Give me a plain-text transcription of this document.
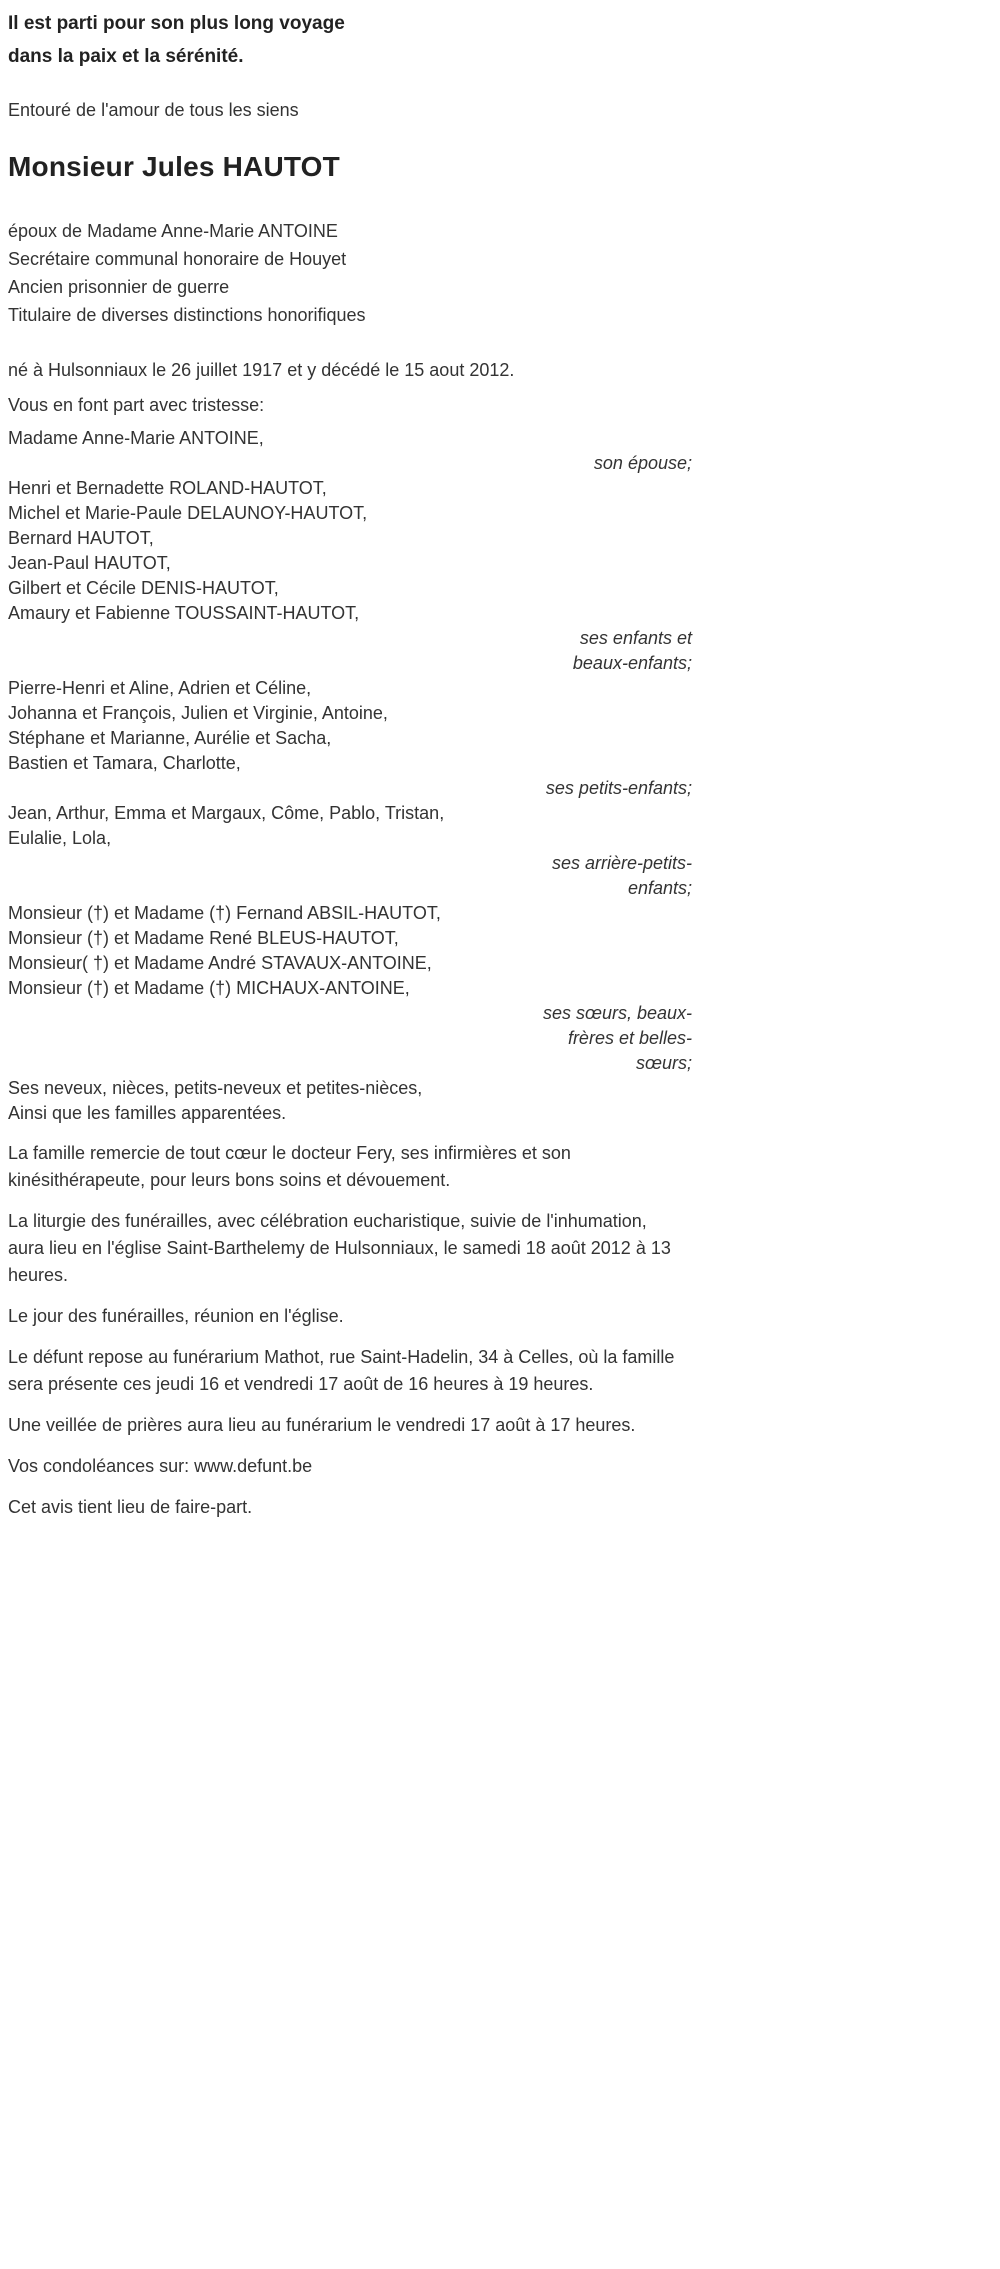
Il est parti pour son plus long voyage
dans la paix et la sérénité.

Entouré de l'amour de tous les siens

Monsieur Jules HAUTOT
époux de Madame Anne-Marie ANTOINE
Secrétaire communal honoraire de Houyet
Ancien prisonnier de guerre
Titulaire de diverses distinctions honorifiques

né à Hulsonniaux le 26 juillet 1917 et y décédé le 15 aout 2012.

Vous en font part avec tristesse:

Madame Anne-Marie ANTOINE,
son épouse;
Henri et Bernadette ROLAND-HAUTOT,
Michel et Marie-Paule DELAUNOY-HAUTOT,
Bernard HAUTOT,
Jean-Paul HAUTOT,
Gilbert et Cécile DENIS-HAUTOT,
Amaury et Fabienne TOUSSAINT-HAUTOT,
ses enfants et beaux-enfants;
Pierre-Henri et Aline, Adrien et Céline,
Johanna et François, Julien et Virginie, Antoine,
Stéphane et Marianne, Aurélie et Sacha,
Bastien et Tamara, Charlotte,
ses petits-enfants;
Jean, Arthur, Emma et Margaux, Côme, Pablo, Tristan,
Eulalie, Lola,
ses arrière-petits-enfants;
Monsieur (†) et Madame (†) Fernand ABSIL-HAUTOT,
Monsieur (†) et Madame René BLEUS-HAUTOT,
Monsieur( †) et Madame André STAVAUX-ANTOINE,
Monsieur (†) et Madame (†) MICHAUX-ANTOINE,
ses sœurs, beaux-frères et belles-sœurs;
Ses neveux, nièces, petits-neveux et petites-nièces,
Ainsi que les familles apparentées.

La famille remercie de tout cœur le docteur Fery, ses infirmières et son kinésithérapeute, pour leurs bons soins et dévouement.

La liturgie des funérailles, avec célébration eucharistique, suivie de l'inhumation, aura lieu en l'église Saint-Barthelemy de Hulsonniaux, le samedi 18 août 2012 à 13 heures.

Le jour des funérailles, réunion en l'église.

Le défunt repose au funérarium Mathot, rue Saint-Hadelin, 34 à Celles, où la famille sera présente ces jeudi 16 et vendredi 17 août de 16 heures à 19 heures.

Une veillée de prières aura lieu au funérarium le vendredi 17 août à 17 heures.

Vos condoléances sur: www.defunt.be

Cet avis tient lieu de faire-part.
